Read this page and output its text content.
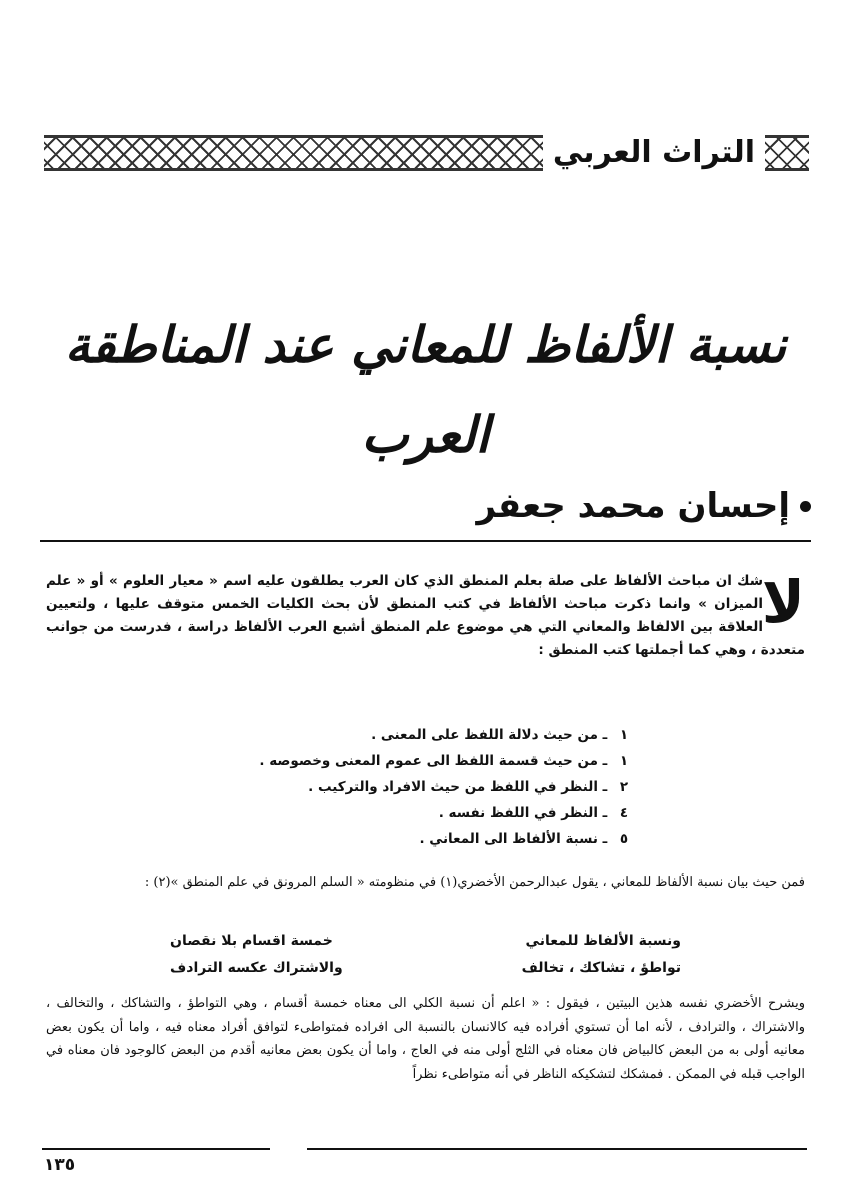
التراث العربي
نسبة الألفاظ للمعاني عند المناطقة العرب
إحسان محمد جعفر
لا
شك ان مباحث الألفاظ على صلة بعلم المنطق الذي كان العرب يطلقون عليه اسم « معيار العلوم » أو « علم الميزان » وانما ذكرت مباحث الألفاظ في كتب المنطق لأن بحث الكليات الخمس متوقف عليها ، ولتعيين العلاقة بين الالفاظ والمعاني التي هي موضوع علم المنطق أشبع العرب الألفاظ دراسة ، فدرست من جوانب متعددة ، وهي كما أجملتها كتب المنطق :
١ ـ من حيث دلالة اللفظ على المعنى .
١ ـ من حيث قسمة اللفظ الى عموم المعنى وخصوصه .
٢ ـ النظر في اللفظ من حيث الافراد والتركيب .
٤ ـ النظر في اللفظ نفسه .
٥ ـ نسبة الألفاظ الى المعاني .
فمن حيث بيان نسبة الألفاظ للمعاني ، يقول عبدالرحمن الأخضري(١) في منظومته « السلم المرونق في علم المنطق »(٢) :
ونسبة الألفاظ للمعاني
خمسة اقسام بلا نقصان
تواطؤ ، تشاكك ، تخالف
والاشتراك عكسه الترادف
ويشرح الأخضري نفسه هذين البيتين ، فيقول : « اعلم أن نسبة الكلي الى معناه خمسة أقسام ، وهي التواطؤ ، والتشاكك ، والتخالف ، والاشتراك ، والترادف ، لأنه اما أن تستوي أفراده فيه كالانسان بالنسبة الى افراده فمتواطىء لتوافق أفراد معناه فيه ، واما أن يكون بعض معانيه أولى به من البعض كالبياض فان معناه في الثلج أولى منه في العاج ، واما أن يكون بعض معانيه أقدم من البعض كالوجود فان معناه في الواجب قبله في الممكن . فمشكك لتشكيكه الناظر في أنه متواطىء نظراً
١٣٥
